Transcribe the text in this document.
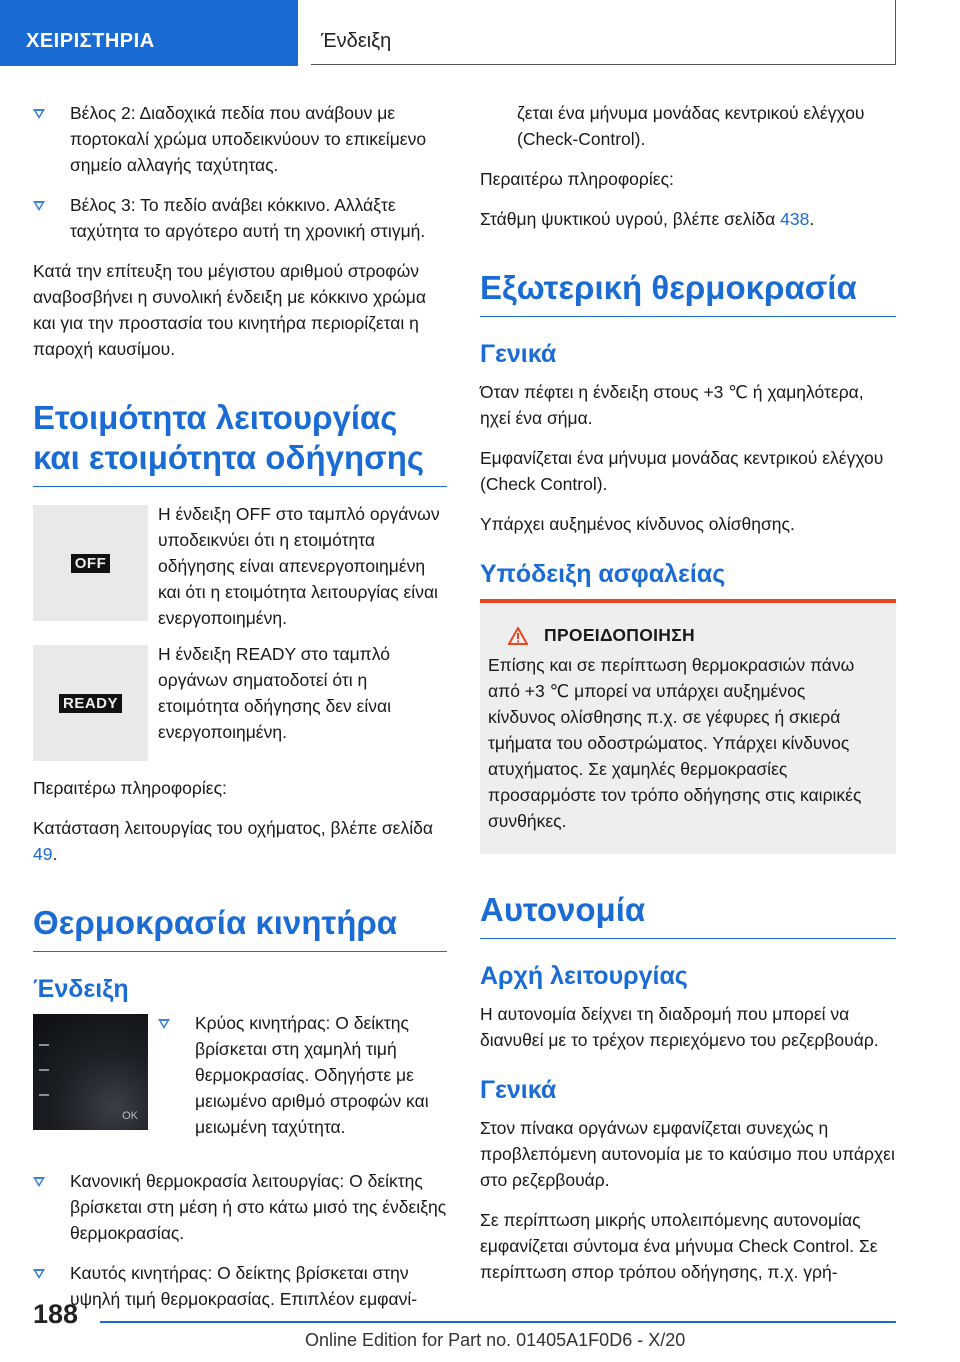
ΧΕΙΡΙΣΤΗΡΙΑ	Ένδειξη
Βέλος 2: Διαδοχικά πεδία που ανάβουν με πορτοκαλί χρώμα υποδεικνύουν το επικείμενο σημείο αλλαγής ταχύτητας.
Βέλος 3: Το πεδίο ανάβει κόκκινο. Αλλάξτε ταχύτητα το αργότερο αυτή τη χρονική στιγμή.

Κατά την επίτευξη του μέγιστου αριθμού στροφών αναβοσβήνει η συνολική ένδειξη με κόκκινο χρώμα και για την προστασία του κινητήρα περιορίζεται η παροχή καυσίμου.

Ετοιμότητα λειτουργίας και ετοιμότητα οδήγησης
OFF
Η ένδειξη OFF στο ταμπλό οργάνων υποδεικνύει ότι η ετοιμότητα οδήγησης είναι απενεργοποιημένη και ότι η ετοιμότητα λειτουργίας είναι ενεργοποιημένη.
READY
Η ένδειξη READY στο ταμπλό οργάνων σηματοδοτεί ότι η ετοιμότητα οδήγησης δεν είναι ενεργοποιημένη.

Περαιτέρω πληροφορίες:

Κατάσταση λειτουργίας του οχήματος, βλέπε σελίδα 49.

Θερμοκρασία κινητήρα
Ένδειξη
OK
Κρύος κινητήρας: Ο δείκτης βρίσκεται στη χαμηλή τιμή θερμοκρασίας. Οδηγήστε με μειωμένο αριθμό στροφών και μειωμένη ταχύτητα.
Κανονική θερμοκρασία λειτουργίας: Ο δείκτης βρίσκεται στη μέση ή στο κάτω μισό της ένδειξης θερμοκρασίας.
Καυτός κινητήρας: Ο δείκτης βρίσκεται στην υψηλή τιμή θερμοκρασίας. Επιπλέον εμφανί-

ζεται ένα μήνυμα μονάδας κεντρικού ελέγχου (Check-Control).

Περαιτέρω πληροφορίες:

Στάθμη ψυκτικού υγρού, βλέπε σελίδα 438.

Εξωτερική θερμοκρασία
Γενικά

Όταν πέφτει η ένδειξη στους +3 ℃ ή χαμηλότερα, ηχεί ένα σήμα.

Εμφανίζεται ένα μήνυμα μονάδας κεντρικού ελέγχου (Check Control).

Υπάρχει αυξημένος κίνδυνος ολίσθησης.

Υπόδειξη ασφαλείας
ΠΡΟΕΙΔΟΠΟΙΗΣΗ

Επίσης και σε περίπτωση θερμοκρασιών πάνω από +3 ℃ μπορεί να υπάρχει αυξημένος κίνδυνος ολίσθησης π.χ. σε γέφυρες ή σκιερά τμήματα του οδοστρώματος. Υπάρχει κίνδυνος ατυχήματος. Σε χαμηλές θερμοκρασίες προσαρμόστε τον τρόπο οδήγησης στις καιρικές συνθήκες.

Αυτονομία
Αρχή λειτουργίας

Η αυτονομία δείχνει τη διαδρομή που μπορεί να διανυθεί με το τρέχον περιεχόμενο του ρεζερβουάρ.

Γενικά

Στον πίνακα οργάνων εμφανίζεται συνεχώς η προβλεπόμενη αυτονομία με το καύσιμο που υπάρχει στο ρεζερβουάρ.

Σε περίπτωση μικρής υπολειπόμενης αυτονομίας εμφανίζεται σύντομα ένα μήνυμα Check Control. Σε περίπτωση σπορ τρόπου οδήγησης, π.χ. γρή-

188
Online Edition for Part no. 01405A1F0D6 - X/20
